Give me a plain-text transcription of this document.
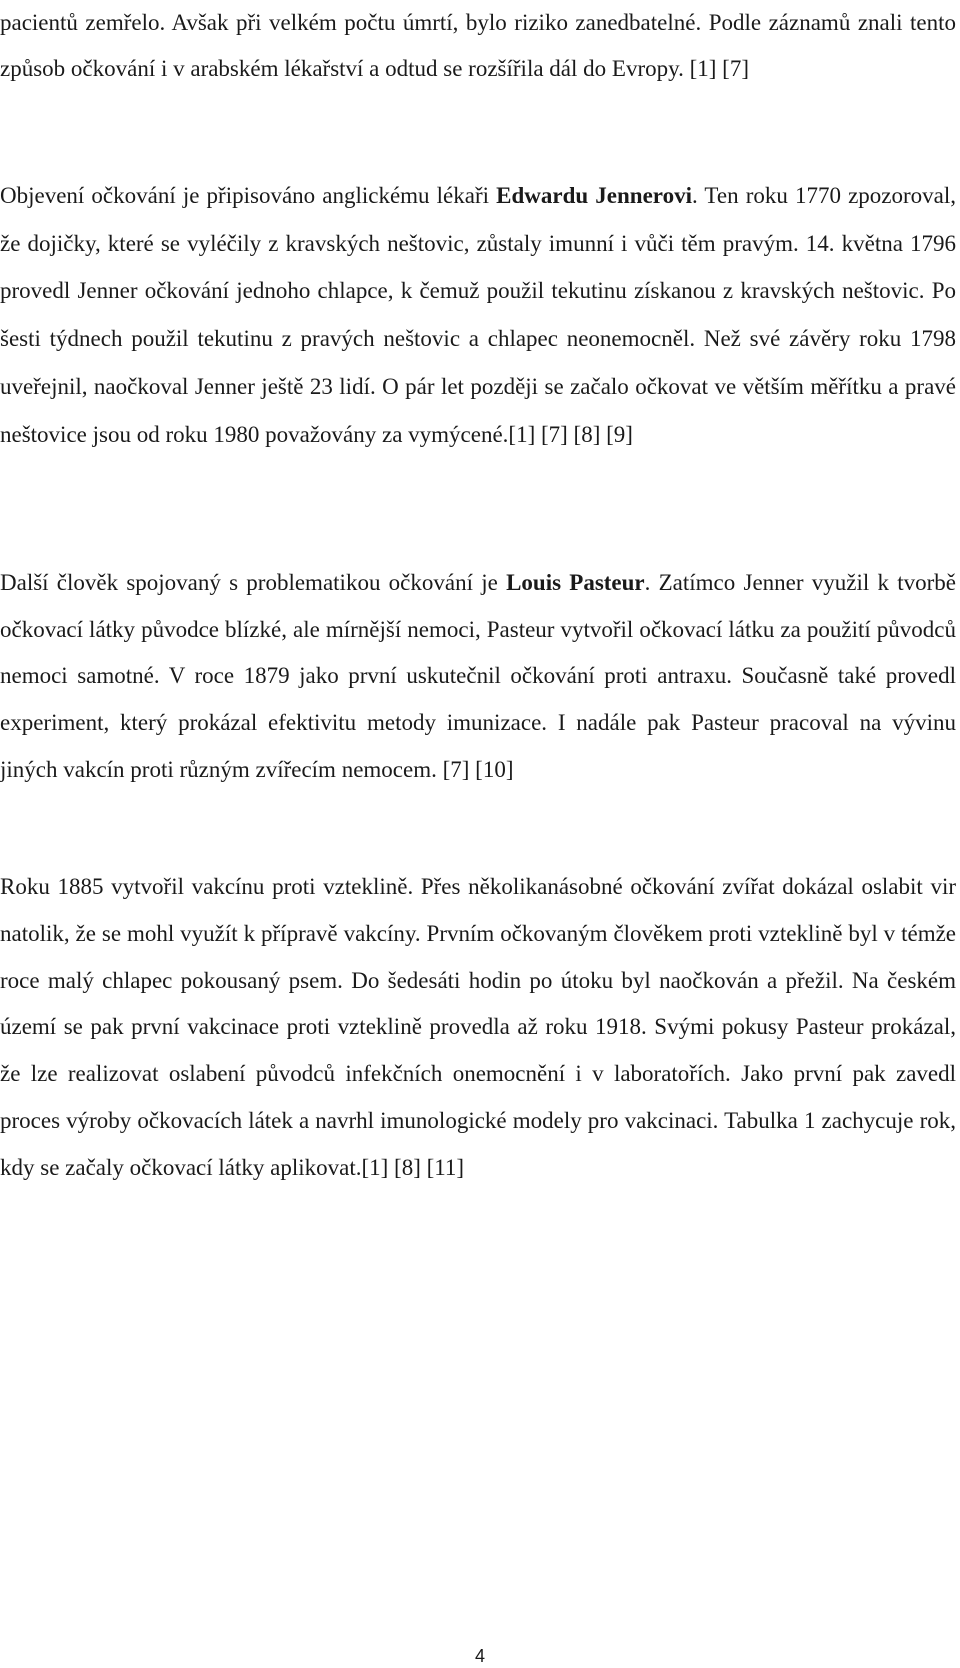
pacientů zemřelo. Avšak při velkém počtu úmrtí, bylo riziko zanedbatelné. Podle záznamů znali tento způsob očkování i v arabském lékařství a odtud se rozšířila dál do Evropy. [1] [7]

Objevení očkování je připisováno anglickému lékaři Edwardu Jennerovi. Ten roku 1770 zpozoroval, že dojičky, které se vyléčily z kravských neštovic, zůstaly imunní i vůči těm pravým. 14. května 1796 provedl Jenner očkování jednoho chlapce, k čemuž použil tekutinu získanou z kravských neštovic. Po šesti týdnech použil tekutinu z pravých neštovic a chlapec neonemocněl. Než své závěry roku 1798 uveřejnil, naočkoval Jenner ještě 23 lidí. O pár let později se začalo očkovat ve větším měřítku a pravé neštovice jsou od roku 1980 považovány za vymýcené.[1] [7] [8] [9]

Další člověk spojovaný s problematikou očkování je Louis Pasteur. Zatímco Jenner využil k tvorbě očkovací látky původce blízké, ale mírnější nemoci, Pasteur vytvořil očkovací látku za použití původců nemoci samotné. V roce 1879 jako první uskutečnil očkování proti antraxu. Současně také provedl experiment, který prokázal efektivitu metody imunizace. I nadále pak Pasteur pracoval na vývinu jiných vakcín proti různým zvířecím nemocem. [7] [10]

Roku 1885 vytvořil vakcínu proti vzteklině. Přes několikanásobné očkování zvířat dokázal oslabit vir natolik, že se mohl využít k přípravě vakcíny. Prvním očkovaným člověkem proti vzteklině byl v témže roce malý chlapec pokousaný psem. Do šedesáti hodin po útoku byl naočkován a přežil. Na českém území se pak první vakcinace proti vzteklině provedla až roku 1918. Svými pokusy Pasteur prokázal, že lze realizovat oslabení původců infekčních onemocnění i v laboratořích. Jako první pak zavedl proces výroby očkovacích látek a navrhl imunologické modely pro vakcinaci. Tabulka 1 zachycuje rok, kdy se začaly očkovací látky aplikovat.[1] [8] [11]

4
